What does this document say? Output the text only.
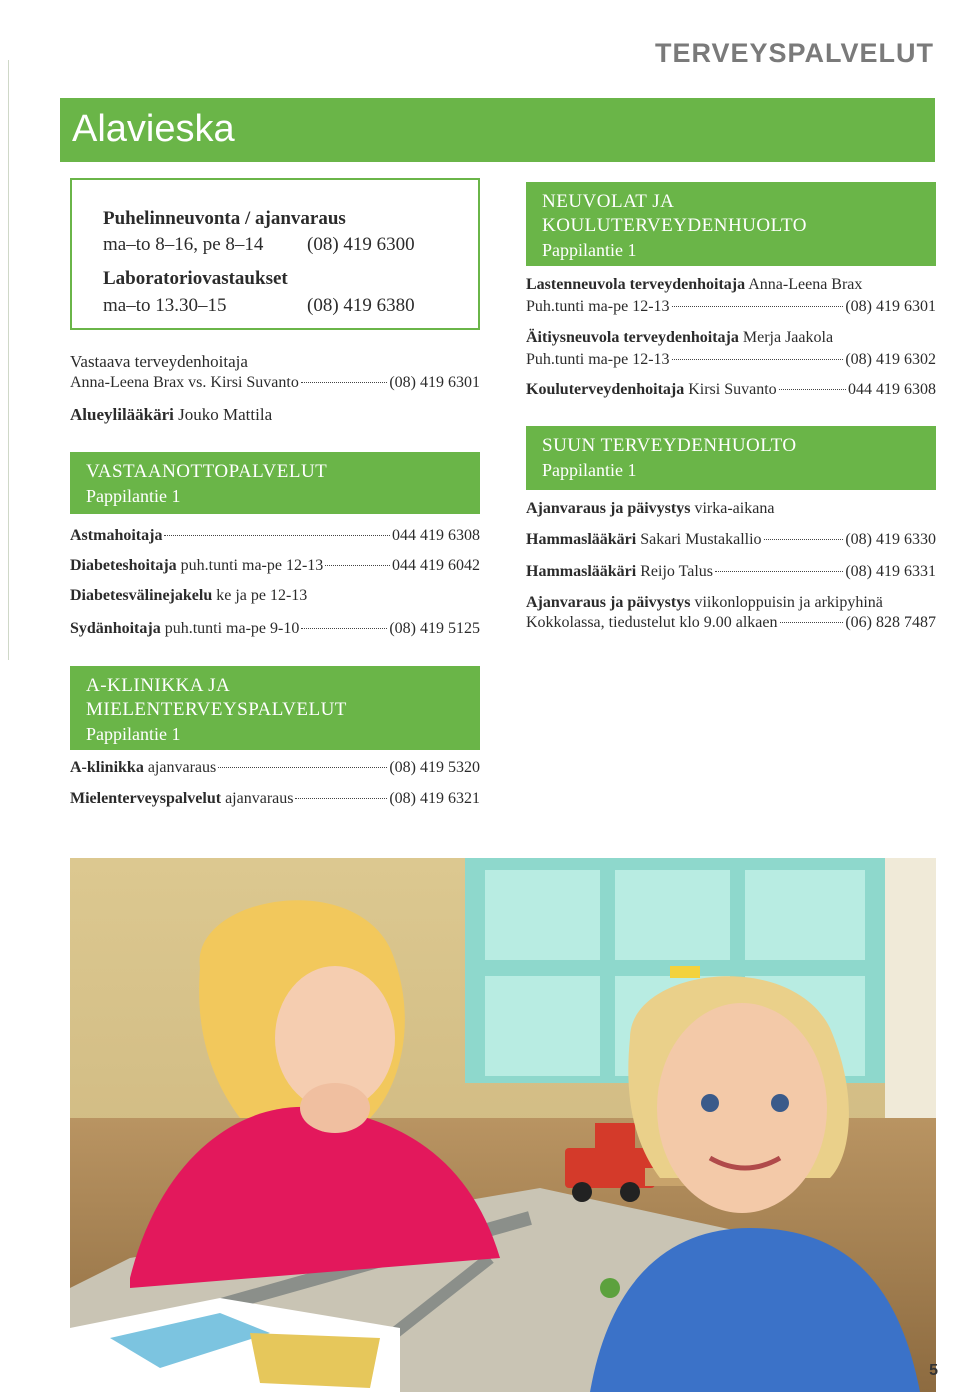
TERVEYSPALVELUT
Alavieska
Puhelinneuvonta / ajanvaraus
ma–to 8–16, pe 8–14 (08) 419 6300
Laboratoriovastaukset
ma–to 13.30–15	(08) 419 6380
Vastaava terveydenhoitaja
Anna-Leena Brax vs. Kirsi Suvanto	(08) 419 6301
Alueylilääkäri Jouko Mattila
VASTAANOTTOPALVELUT
Pappilantie 1
Astmahoitaja	044 419 6308
Diabeteshoitaja
puh.tunti ma-pe 12-13	044 419 6042
Diabetesvälinejakelu ke ja pe 12-13
Sydänhoitaja
puh.tunti ma-pe 9-10	(08) 419 5125
A-KLINIKKA JA
MIELENTERVEYSPALVELUT
Pappilantie 1
A-klinikka
ajanvaraus	(08) 419 5320
Mielenterveyspalvelut
ajanvaraus	(08) 419 6321
NEUVOLAT JA
KOULUTERVEYDENHUOLTO
Pappilantie 1
Lastenneuvola terveydenhoitaja Anna-Leena Brax
Puh.tunti ma-pe 12-13	(08) 419 6301
Äitiysneuvola terveydenhoitaja Merja Jaakola
Puh.tunti ma-pe 12-13	(08) 419 6302
Kouluterveydenhoitaja
Kirsi Suvanto	044 419 6308
SUUN TERVEYDENHUOLTO
Pappilantie 1
Ajanvaraus ja päivystys virka-aikana
Hammaslääkäri
Sakari Mustakallio	(08) 419 6330
Hammaslääkäri
Reijo Talus	(08) 419 6331
Ajanvaraus ja päivystys viikonloppuisin ja arkipyhinä
Kokkolassa, tiedustelut klo 9.00 alkaen	(06) 828 7487
5
